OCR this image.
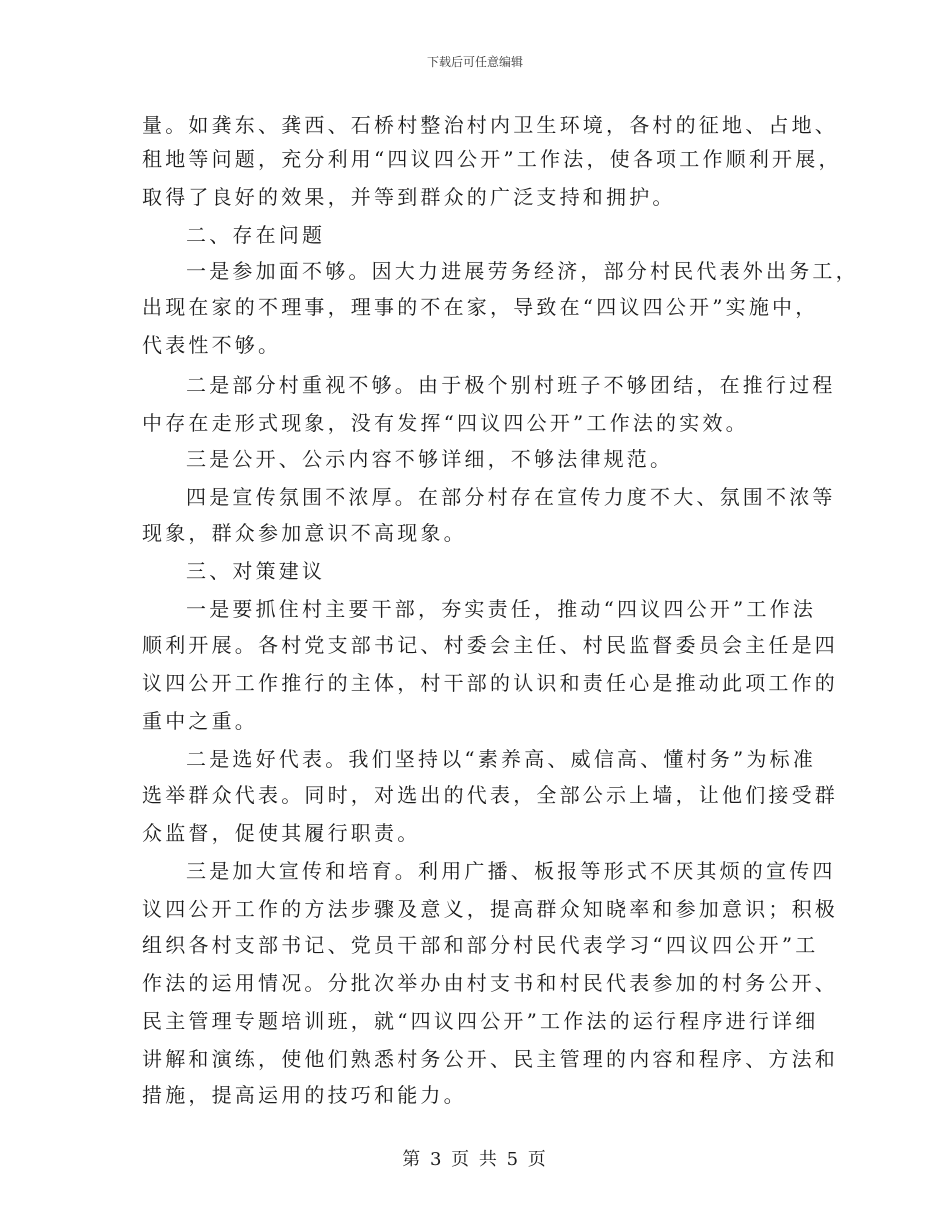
下载后可任意编辑
量。如龚东、龚西、石桥村整治村内卫生环境，各村的征地、占地、
租地等问题，充分利用“四议四公开”工作法，使各项工作顺利开展，
取得了良好的效果，并等到群众的广泛支持和拥护。
二、存在问题
一是参加面不够。因大力进展劳务经济，部分村民代表外出务工，
出现在家的不理事，理事的不在家，导致在“四议四公开”实施中，
代表性不够。
二是部分村重视不够。由于极个别村班子不够团结，在推行过程
中存在走形式现象，没有发挥“四议四公开”工作法的实效。
三是公开、公示内容不够详细，不够法律规范。
四是宣传氛围不浓厚。在部分村存在宣传力度不大、氛围不浓等
现象，群众参加意识不高现象。
三、对策建议
一是要抓住村主要干部，夯实责任，推动“四议四公开”工作法
顺利开展。各村党支部书记、村委会主任、村民监督委员会主任是四
议四公开工作推行的主体，村干部的认识和责任心是推动此项工作的
重中之重。
二是选好代表。我们坚持以“素养高、威信高、懂村务”为标准
选举群众代表。同时，对选出的代表，全部公示上墙，让他们接受群
众监督，促使其履行职责。
三是加大宣传和培育。利用广播、板报等形式不厌其烦的宣传四
议四公开工作的方法步骤及意义，提高群众知晓率和参加意识；积极
组织各村支部书记、党员干部和部分村民代表学习“四议四公开”工
作法的运用情况。分批次举办由村支书和村民代表参加的村务公开、
民主管理专题培训班，就“四议四公开”工作法的运行程序进行详细
讲解和演练，使他们熟悉村务公开、民主管理的内容和程序、方法和
措施，提高运用的技巧和能力。
第 3 页 共 5 页
